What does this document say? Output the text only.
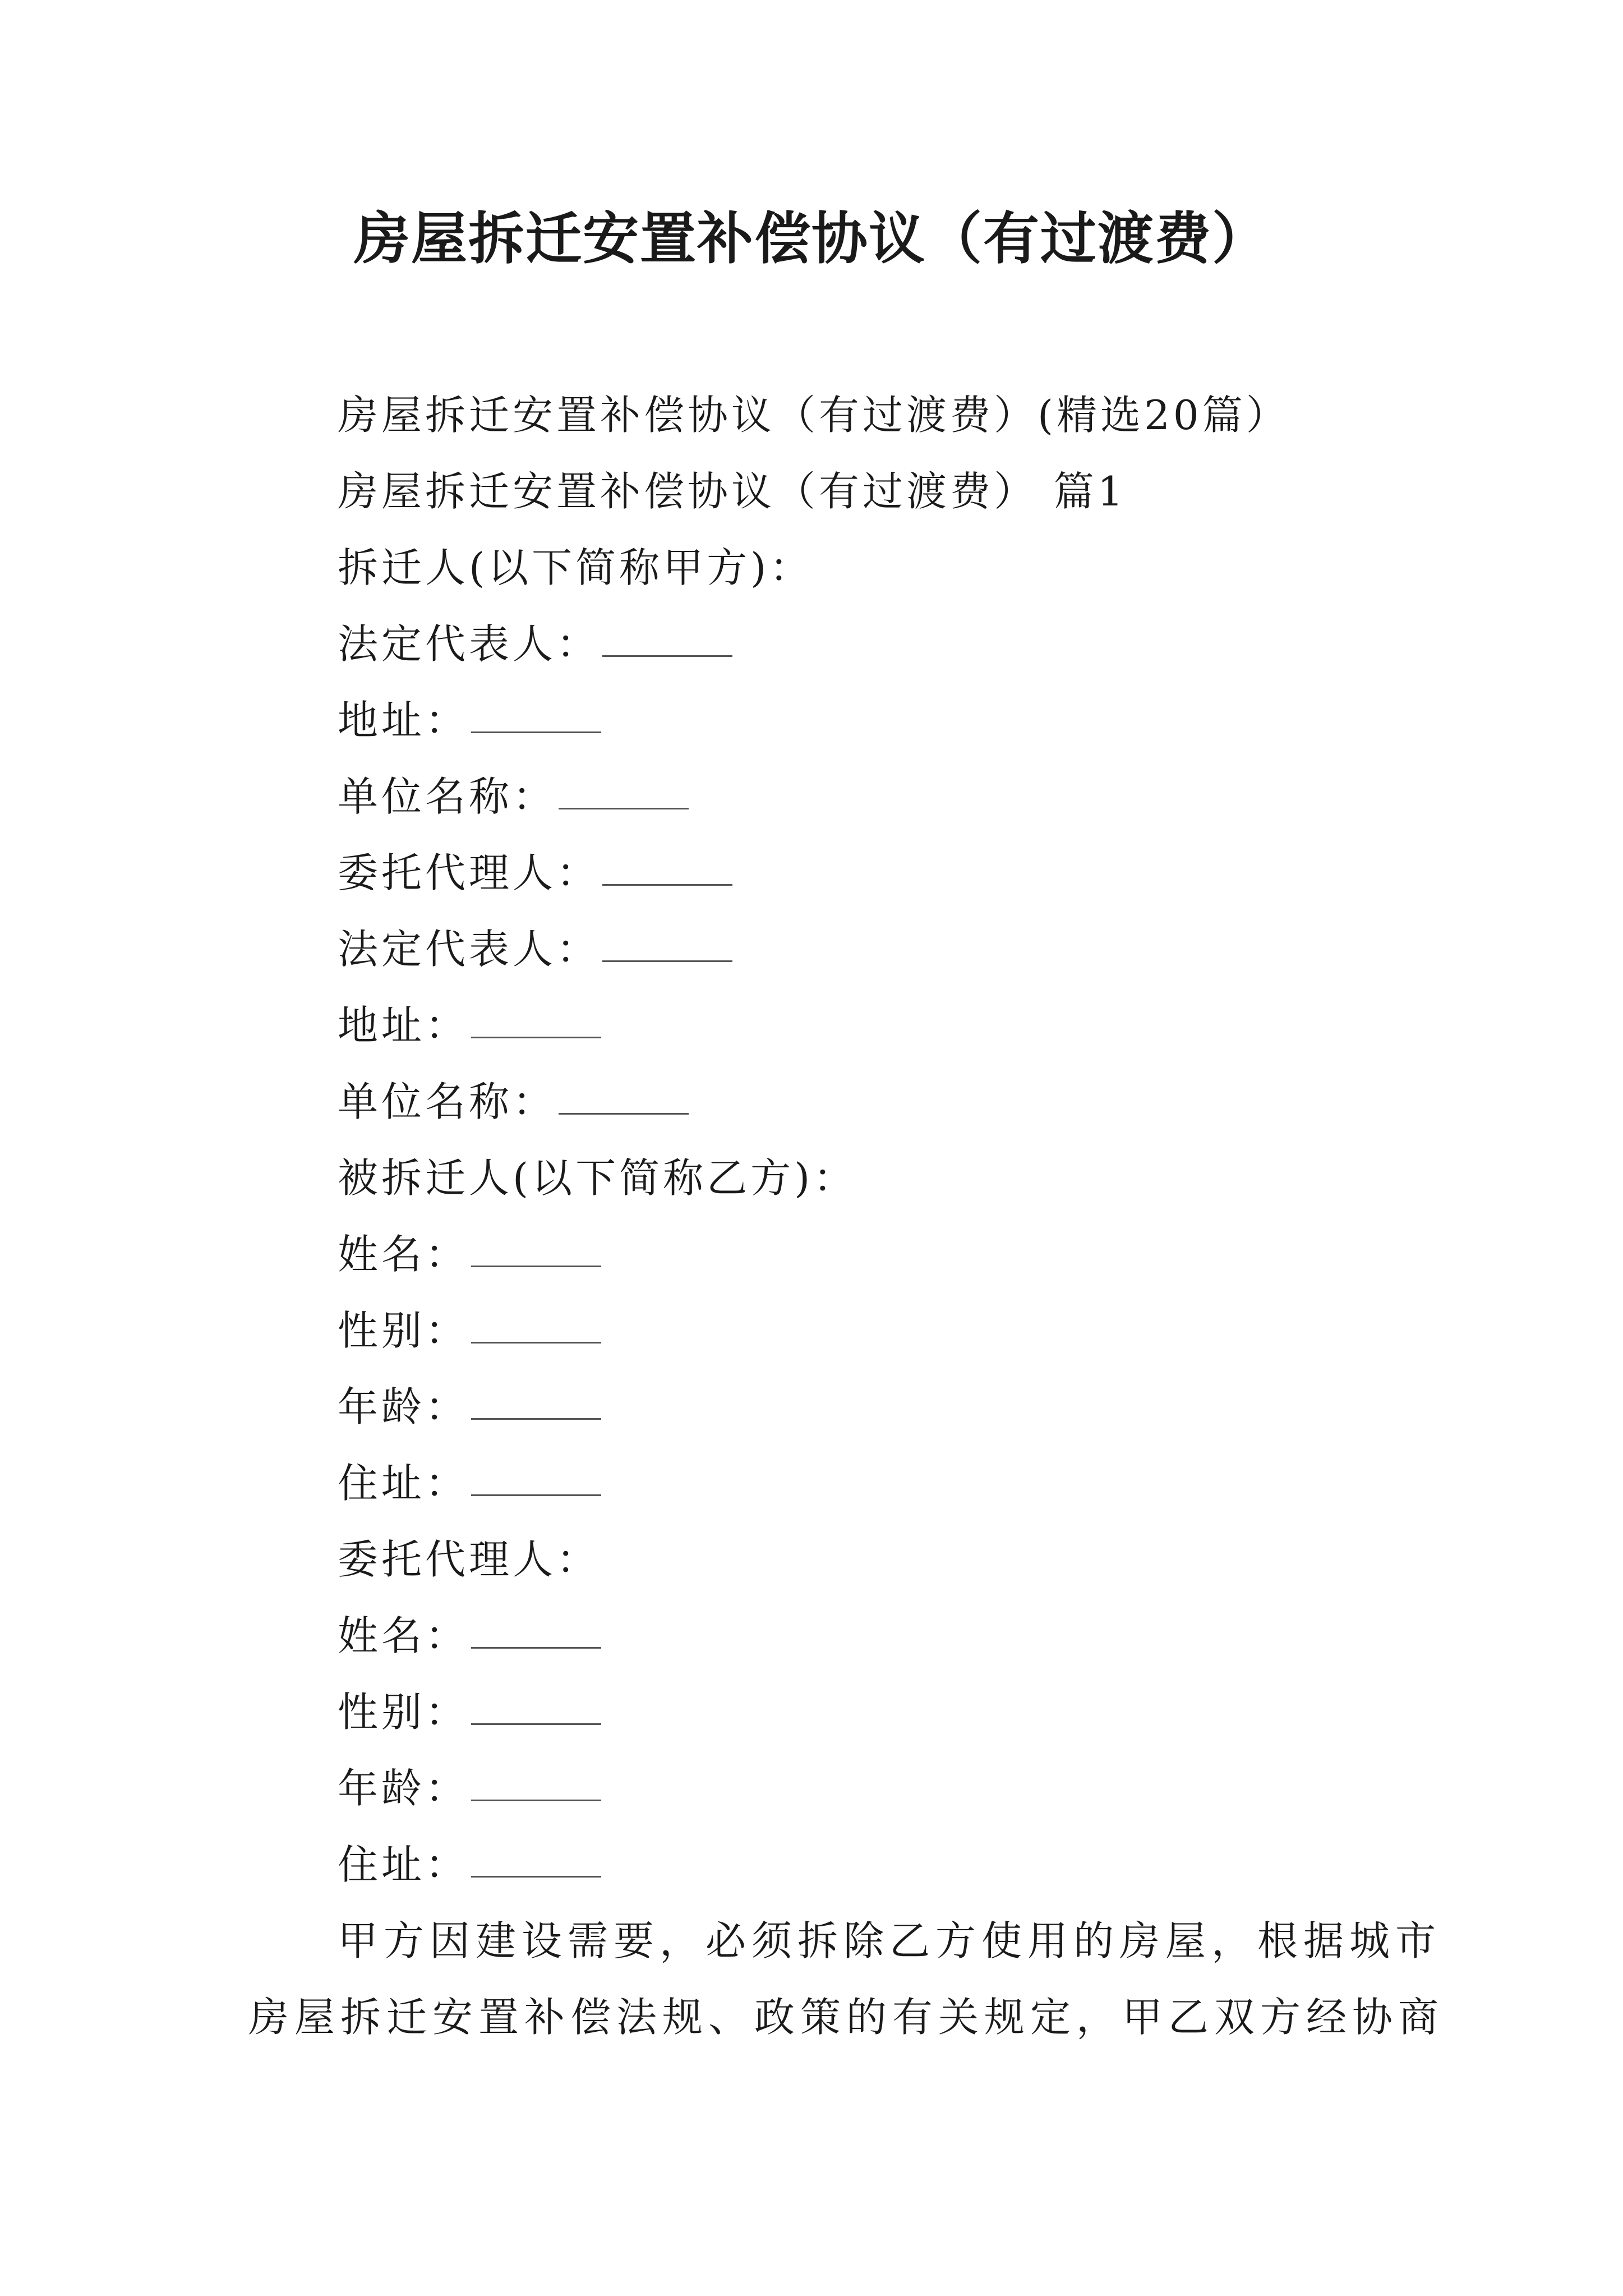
房屋拆迁安置补偿协议（有过渡费）
房屋拆迁安置补偿协议（有过渡费）(精选20篇）
房屋拆迁安置补偿协议（有过渡费） 篇1
拆迁人(以下简称甲方)：
法定代表人：
地址：
单位名称：
委托代理人：
法定代表人：
地址：
单位名称：
被拆迁人(以下简称乙方)：
姓名：
性别：
年龄：
住址：
委托代理人：
姓名：
性别：
年龄：
住址：
甲方因建设需要，必须拆除乙方使用的房屋，根据城市
房屋拆迁安置补偿法规、政策的有关规定，甲乙双方经协商
